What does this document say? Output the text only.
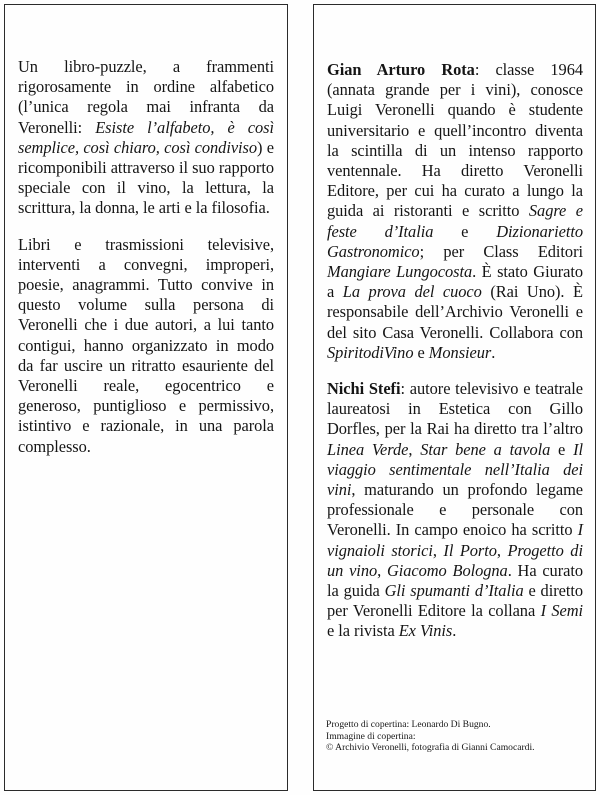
Un libro-puzzle, a frammenti rigorosamente in ordine alfabetico (l’unica regola mai infranta da Veronelli: Esiste l’alfabeto, è così semplice, così chiaro, così condiviso) e ricomponibili attraverso il suo rapporto speciale con il vino, la lettura, la scrittura, la donna, le arti e la filosofia.

Libri e trasmissioni televisive, interventi a convegni, improperi, poesie, anagrammi. Tutto convive in questo volume sulla persona di Veronelli che i due autori, a lui tanto contigui, hanno organizzato in modo da far uscire un ritratto esauriente del Veronelli reale, egocentrico e generoso, puntiglioso e permissivo, istintivo e razionale, in una parola complesso.

Gian Arturo Rota: classe 1964 (annata grande per i vini), conosce Luigi Veronelli quando è studente universitario e quell’incontro diventa la scintilla di un intenso rapporto ventennale. Ha diretto Veronelli Editore, per cui ha curato a lungo la guida ai ristoranti e scritto Sagre e feste d’Italia e Dizionarietto Gastronomico; per Class Editori Mangiare Lungocosta. È stato Giurato a La prova del cuoco (Rai Uno). È responsabile dell’Archivio Veronelli e del sito Casa Veronelli. Collabora con SpiritodiVino e Monsieur.

Nichi Stefi: autore televisivo e teatrale laureatosi in Estetica con Gillo Dorfles, per la Rai ha diretto tra l’altro Linea Verde, Star bene a tavola e Il viaggio sentimentale nell’Italia dei vini, maturando un profondo legame professionale e personale con Veronelli. In campo enoico ha scritto I vignaioli storici, Il Porto, Progetto di un vino, Giacomo Bologna. Ha curato la guida Gli spumanti d’Italia e diretto per Veronelli Editore la collana I Semi e la rivista Ex Vinis.

Progetto di copertina: Leonardo Di Bugno.
Immagine di copertina:
© Archivio Veronelli, fotografia di Gianni Camocardi.
